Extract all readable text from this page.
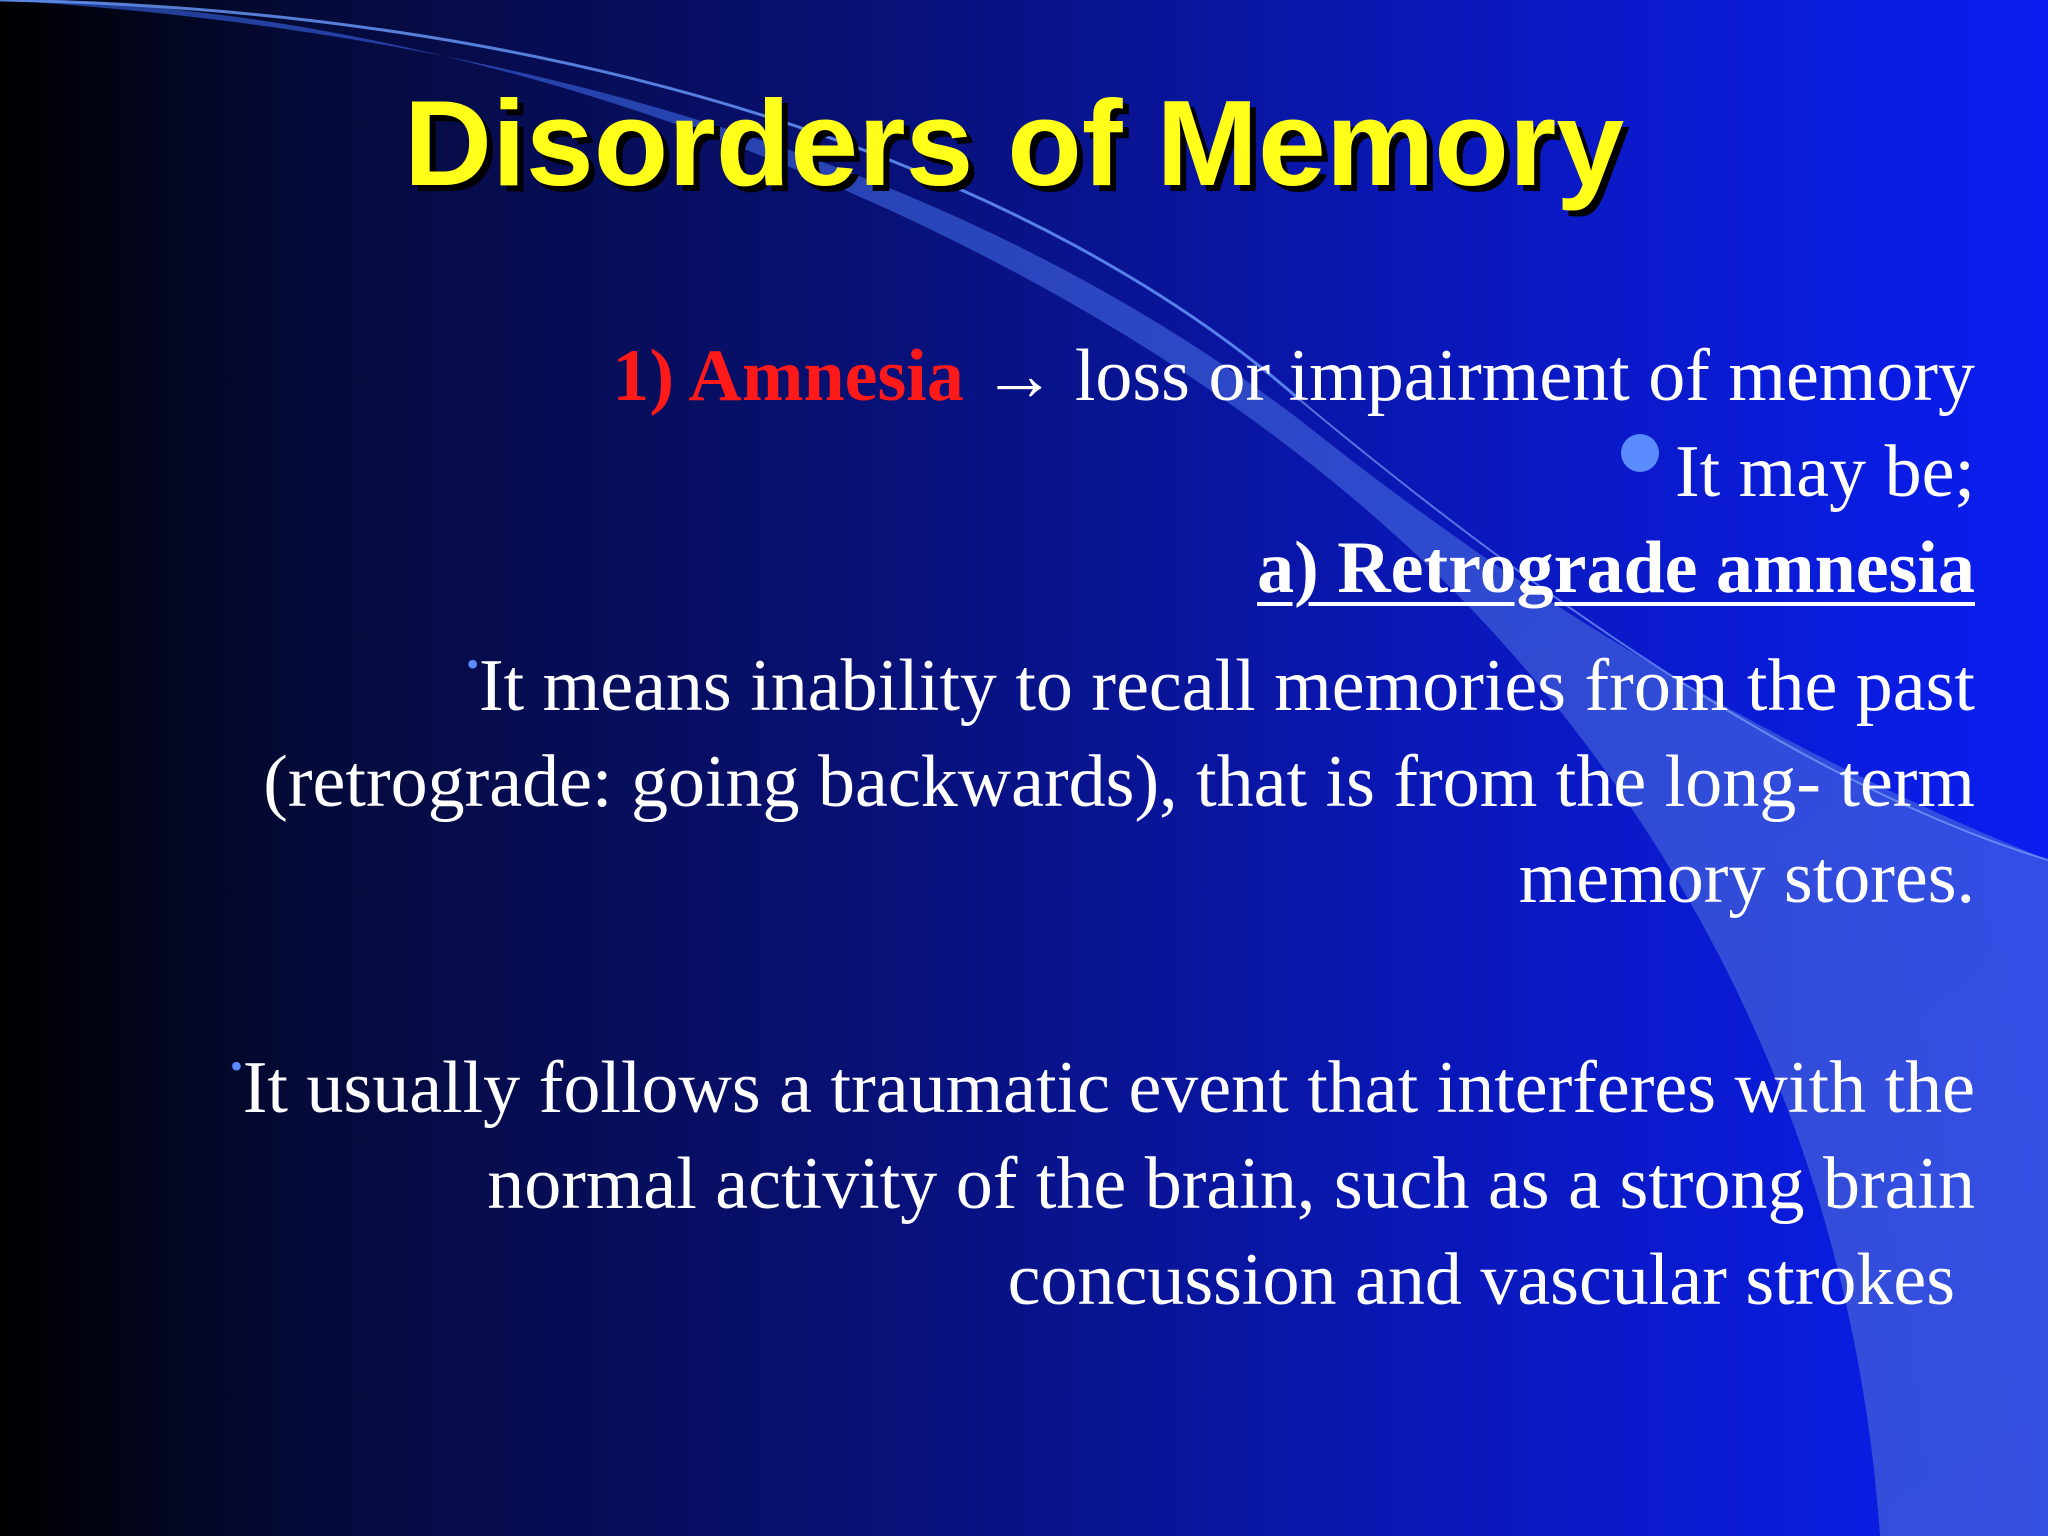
Disorders of Memory
1) Amnesia → loss or impairment of memory
It may be;
a) Retrograde amnesia
•It means inability to recall memories from the past
(retrograde: going backwards), that is from the long- term
memory stores.
•It usually follows a traumatic event that interferes with the
normal activity of the brain, such as a strong brain
concussion and vascular strokes
